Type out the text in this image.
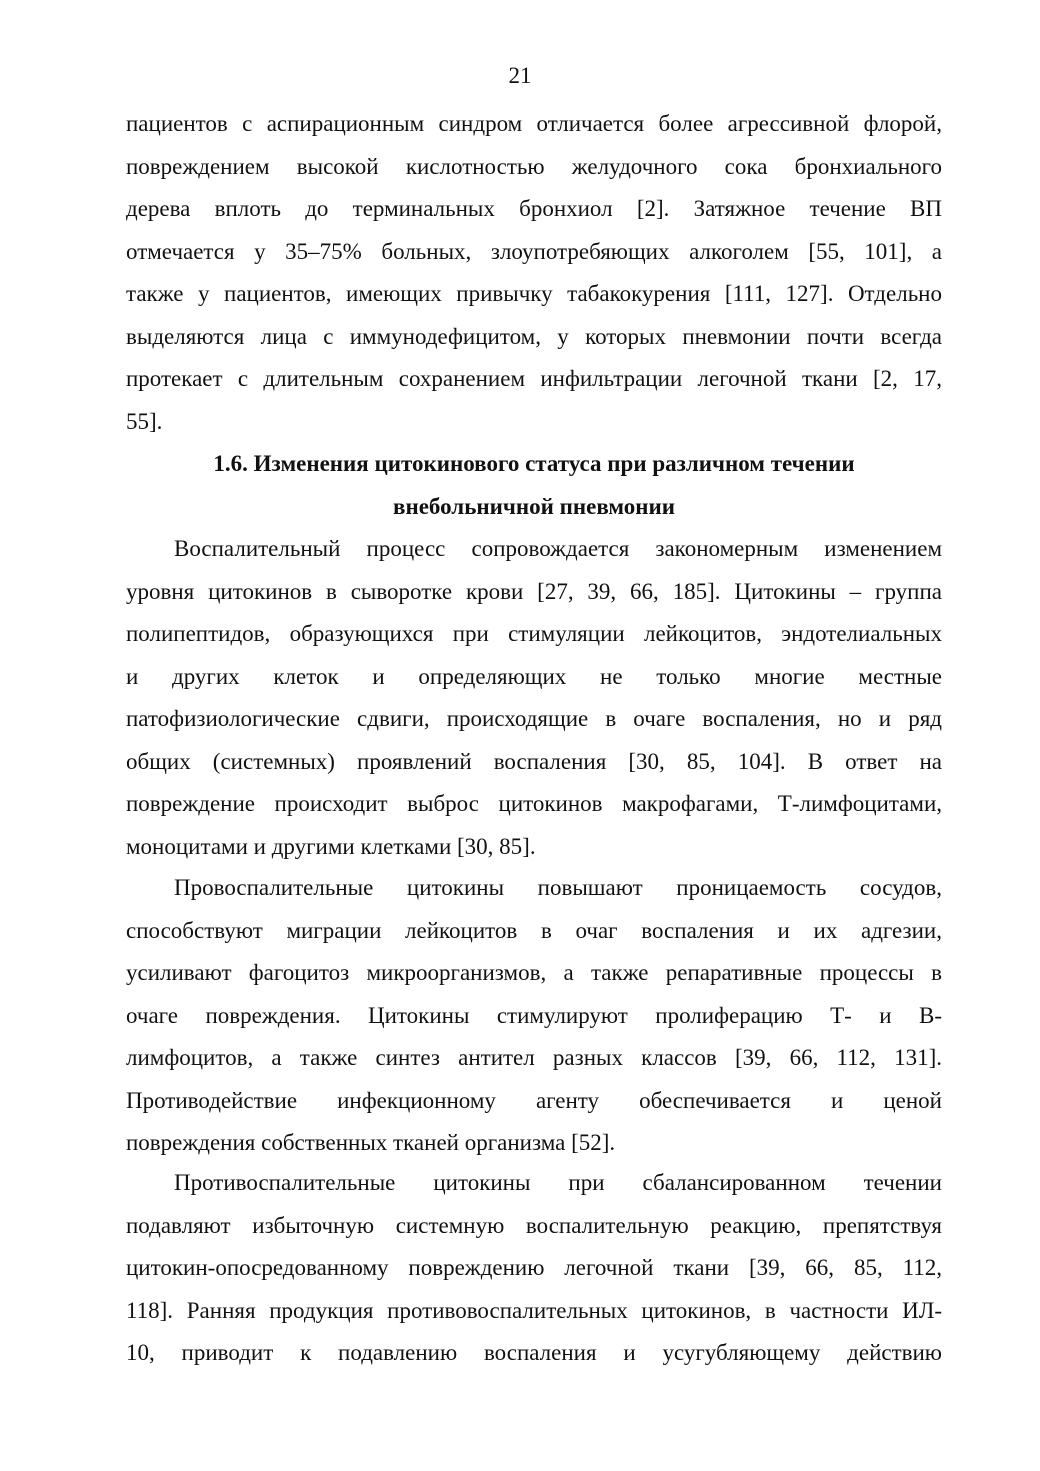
21
пациентов с аспирационным синдром отличается более агрессивной флорой,
повреждением высокой кислотностью желудочного сока бронхиального
дерева вплоть до терминальных бронхиол [2]. Затяжное течение ВП
отмечается у 35–75% больных, злоупотребяющих алкоголем [55, 101], а
также у пациентов, имеющих привычку табакокурения [111, 127]. Отдельно
выделяются лица с иммунодефицитом, у которых пневмонии почти всегда
протекает с длительным сохранением инфильтрации легочной ткани [2, 17,
55].
1.6. Изменения цитокинового статуса при различном течении
внебольничной пневмонии
Воспалительный процесс сопровождается закономерным изменением
уровня цитокинов в сыворотке крови [27, 39, 66, 185]. Цитокины – группа
полипептидов, образующихся при стимуляции лейкоцитов, эндотелиальных
и других клеток и определяющих не только многие местные
патофизиологические сдвиги, происходящие в очаге воспаления, но и ряд
общих (системных) проявлений воспаления [30, 85, 104]. В ответ на
повреждение происходит выброс цитокинов макрофагами, Т-лимфоцитами,
моноцитами и другими клетками [30, 85].
Провоспалительные цитокины повышают проницаемость сосудов,
способствуют миграции лейкоцитов в очаг воспаления и их адгезии,
усиливают фагоцитоз микроорганизмов, а также репаративные процессы в
очаге повреждения. Цитокины стимулируют пролиферацию Т- и В-
лимфоцитов, а также синтез антител разных классов [39, 66, 112, 131].
Противодействие инфекционному агенту обеспечивается и ценой
повреждения собственных тканей организма [52].
Противоспалительные цитокины при сбалансированном течении
подавляют избыточную системную воспалительную реакцию, препятствуя
цитокин-опосредованному повреждению легочной ткани [39, 66, 85, 112,
118]. Ранняя продукция противовоспалительных цитокинов, в частности ИЛ-
10, приводит к подавлению воспаления и усугубляющему действию
